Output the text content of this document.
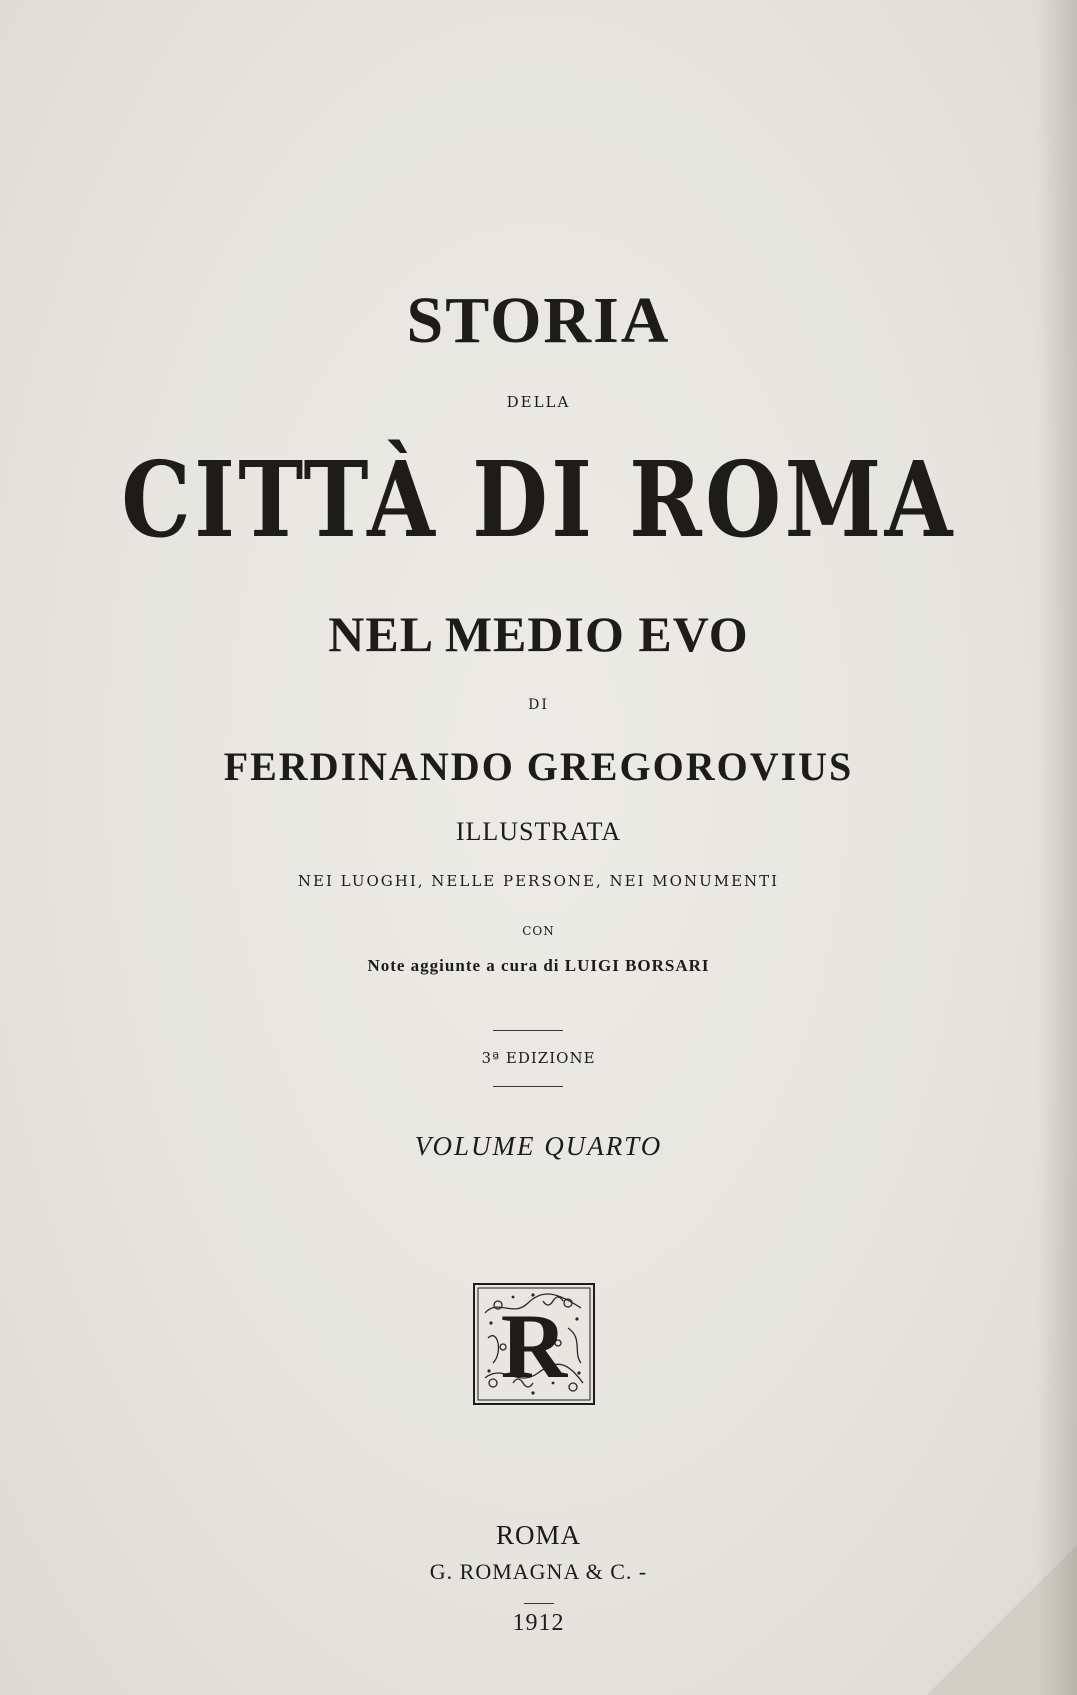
STORIA
DELLA
CITTÀ DI ROMA
NEL MEDIO EVO
DI
FERDINANDO GREGOROVIUS
ILLUSTRATA
NEI LUOGHI, NELLE PERSONE, NEI MONUMENTI
CON
Note aggiunte a cura di LUIGI BORSARI
3ª EDIZIONE
VOLUME QUARTO
R
ROMA
G. ROMAGNA & C. -
1912
